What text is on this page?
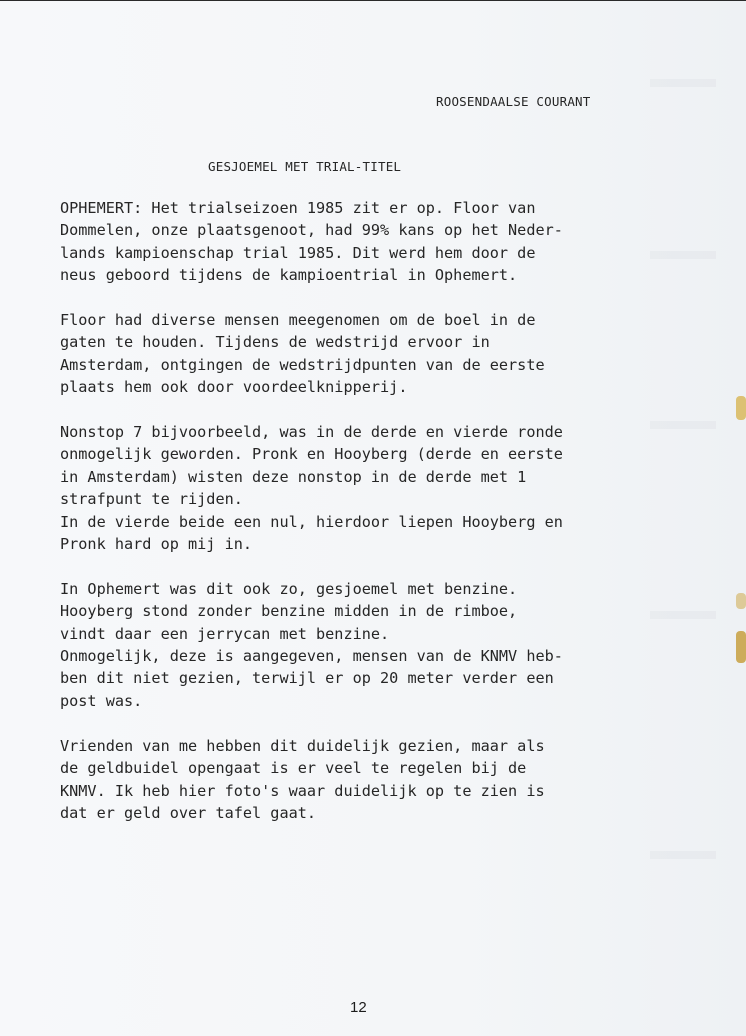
ROOSENDAALSE COURANT
GESJOEMEL MET TRIAL-TITEL

OPHEMERT: Het trialseizoen 1985 zit er op. Floor van
Dommelen, onze plaatsgenoot, had 99% kans op het Neder-
lands kampioenschap trial 1985. Dit werd hem door de
neus geboord tijdens de kampioentrial in Ophemert.

Floor had diverse mensen meegenomen om de boel in de
gaten te houden. Tijdens de wedstrijd ervoor in
Amsterdam, ontgingen de wedstrijdpunten van de eerste
plaats hem ook door voordeelknipperij.

Nonstop 7 bijvoorbeeld, was in de derde en vierde ronde
onmogelijk geworden. Pronk en Hooyberg (derde en eerste
in Amsterdam) wisten deze nonstop in de derde met 1
strafpunt te rijden.
In de vierde beide een nul, hierdoor liepen Hooyberg en
Pronk hard op mij in.

In Ophemert was dit ook zo, gesjoemel met benzine.
Hooyberg stond zonder benzine midden in de rimboe,
vindt daar een jerrycan met benzine.
Onmogelijk, deze is aangegeven, mensen van de KNMV heb-
ben dit niet gezien, terwijl er op 20 meter verder een
post was.

Vrienden van me hebben dit duidelijk gezien, maar als
de geldbuidel opengaat is er veel te regelen bij de
KNMV. Ik heb hier foto's waar duidelijk op te zien is
dat er geld over tafel gaat.

12
